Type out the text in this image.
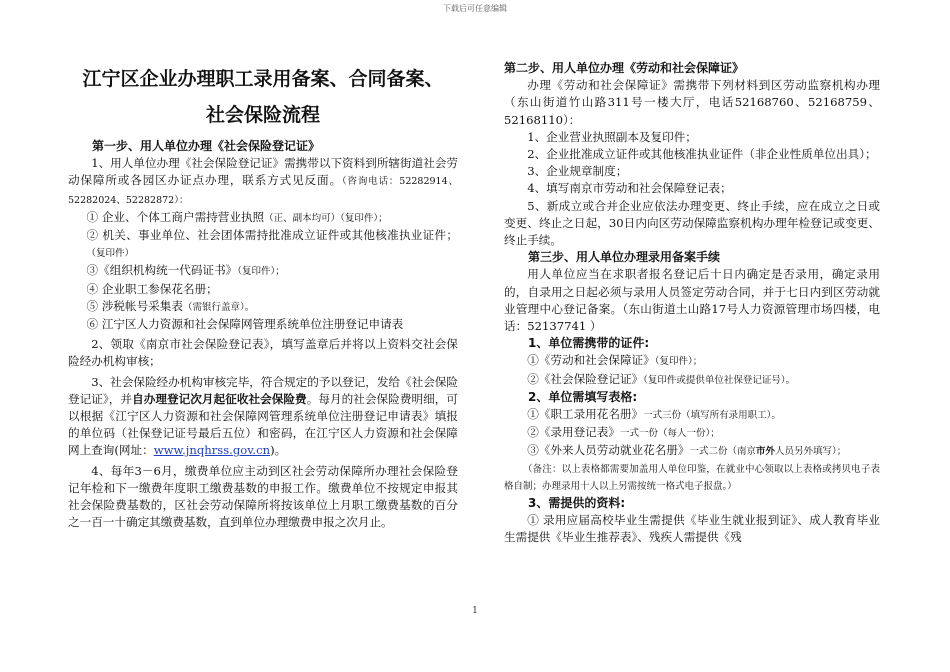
下载后可任意编辑

江宁区企业办理职工录用备案、合同备案、

社会保险流程

第一步、用人单位办理《社会保险登记证》

1、用人单位办理《社会保险登记证》需携带以下资料到所辖街道社会劳动保障所或各园区办证点办理，联系方式见反面。（咨询电话：52282914、52282024、52282872）：

① 企业、个体工商户需持营业执照（正、副本均可）（复印件）；

② 机关、事业单位、社会团体需持批准成立证件或其他核准执业证件；（复印件）

③《组织机构统一代码证书》（复印件）；

④ 企业职工参保花名册；

⑤ 涉税帐号采集表（需银行盖章）。

⑥ 江宁区人力资源和社会保障网管理系统单位注册登记申请表

2、领取《南京市社会保险登记表》，填写盖章后并将以上资料交社会保险经办机构审核；

3、社会保险经办机构审核完毕，符合规定的予以登记，发给《社会保险登记证》，并自办理登记次月起征收社会保险费。每月的社会保险费明细，可以根据《江宁区人力资源和社会保障网管理系统单位注册登记申请表》填报的单位码（社保登记证号最后五位）和密码，在江宁区人力资源和社会保障网上查询(网址：www.jnqhrss.gov.cn)。

4、每年3－6月，缴费单位应主动到区社会劳动保障所办理社会保险登记年检和下一缴费年度职工缴费基数的申报工作。缴费单位不按规定申报其社会保险费基数的，区社会劳动保障所将按该单位上月职工缴费基数的百分之一百一十确定其缴费基数，直到单位办理缴费申报之次月止。

第二步、用人单位办理《劳动和社会保障证》

办理《劳动和社会保障证》需携带下列材料到区劳动监察机构办理（东山街道竹山路311号一楼大厅，电话52168760、52168759、52168110）：

1、企业营业执照副本及复印件；

2、企业批准成立证件或其他核准执业证件（非企业性质单位出具）；

3、企业规章制度；

4、填写南京市劳动和社会保障登记表；

5、新成立或合并企业应依法办理变更、终止手续，应在成立之日或变更、终止之日起，30日内向区劳动保障监察机构办理年检登记或变更、终止手续。

第三步、用人单位办理录用备案手续

用人单位应当在求职者报名登记后十日内确定是否录用，确定录用的，自录用之日起必须与录用人员签定劳动合同，并于七日内到区劳动就业管理中心登记备案。（东山街道土山路17号人力资源管理市场四楼，电话：52137741 ）

1、单位需携带的证件:

①《劳动和社会保障证》（复印件）；

②《社会保险登记证》（复印件或提供单位社保登记证号）。

2、单位需填写表格:

①《职工录用花名册》一式三份（填写所有录用职工）。

②《录用登记表》一式一份（每人一份）；

③《外来人员劳动就业花名册》一式二份（南京市外人员另外填写）；

（备注：以上表格都需要加盖用人单位印鉴，在就业中心领取以上表格或拷贝电子表格自制；办理录用十人以上另需按统一格式电子报盘。）

3、需提供的资料:

① 录用应届高校毕业生需提供《毕业生就业报到证》、成人教育毕业生需提供《毕业生推荐表》、残疾人需提供《残

1
